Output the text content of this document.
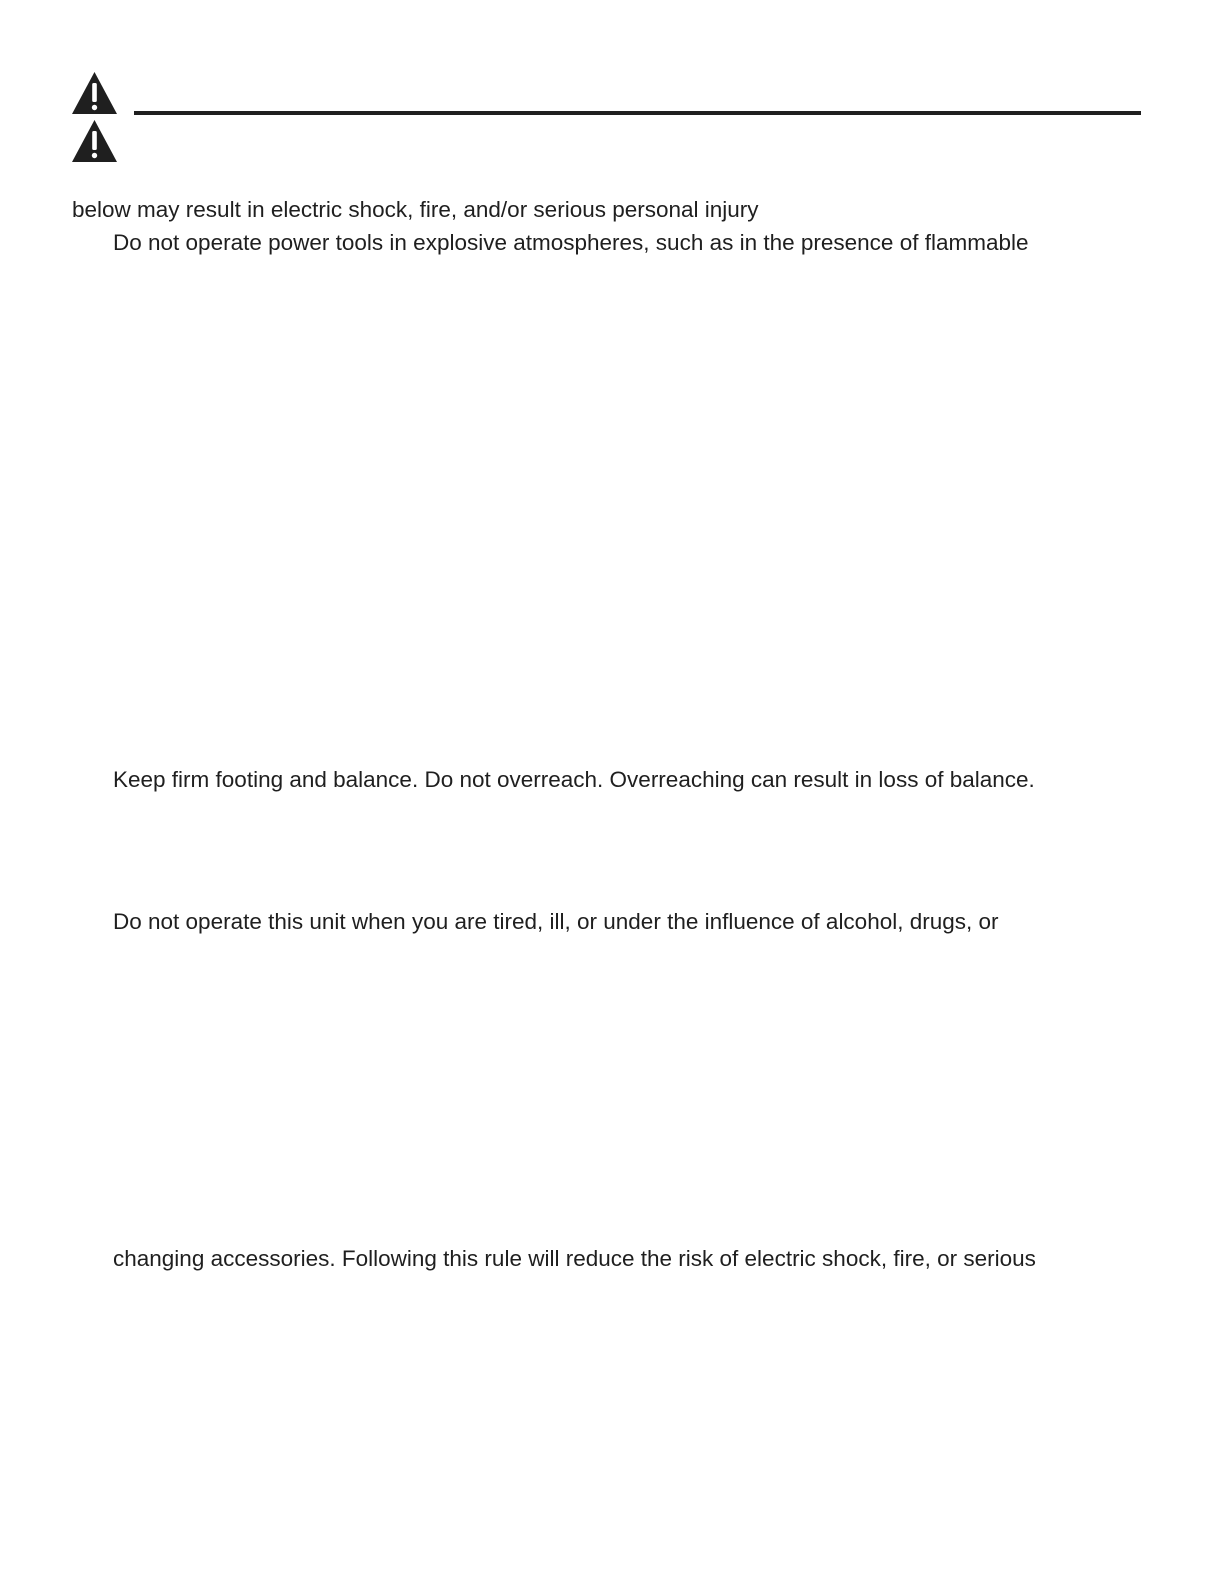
below may result in electric shock, fire, and/or serious personal injury
Do not operate power tools in explosive atmospheres, such as in the presence of flammable
Keep firm footing and balance. Do not overreach. Overreaching can result in loss of balance.
Do not operate this unit when you are tired, ill, or under the influence of alcohol, drugs, or
changing accessories. Following this rule will reduce the risk of electric shock, fire, or serious
